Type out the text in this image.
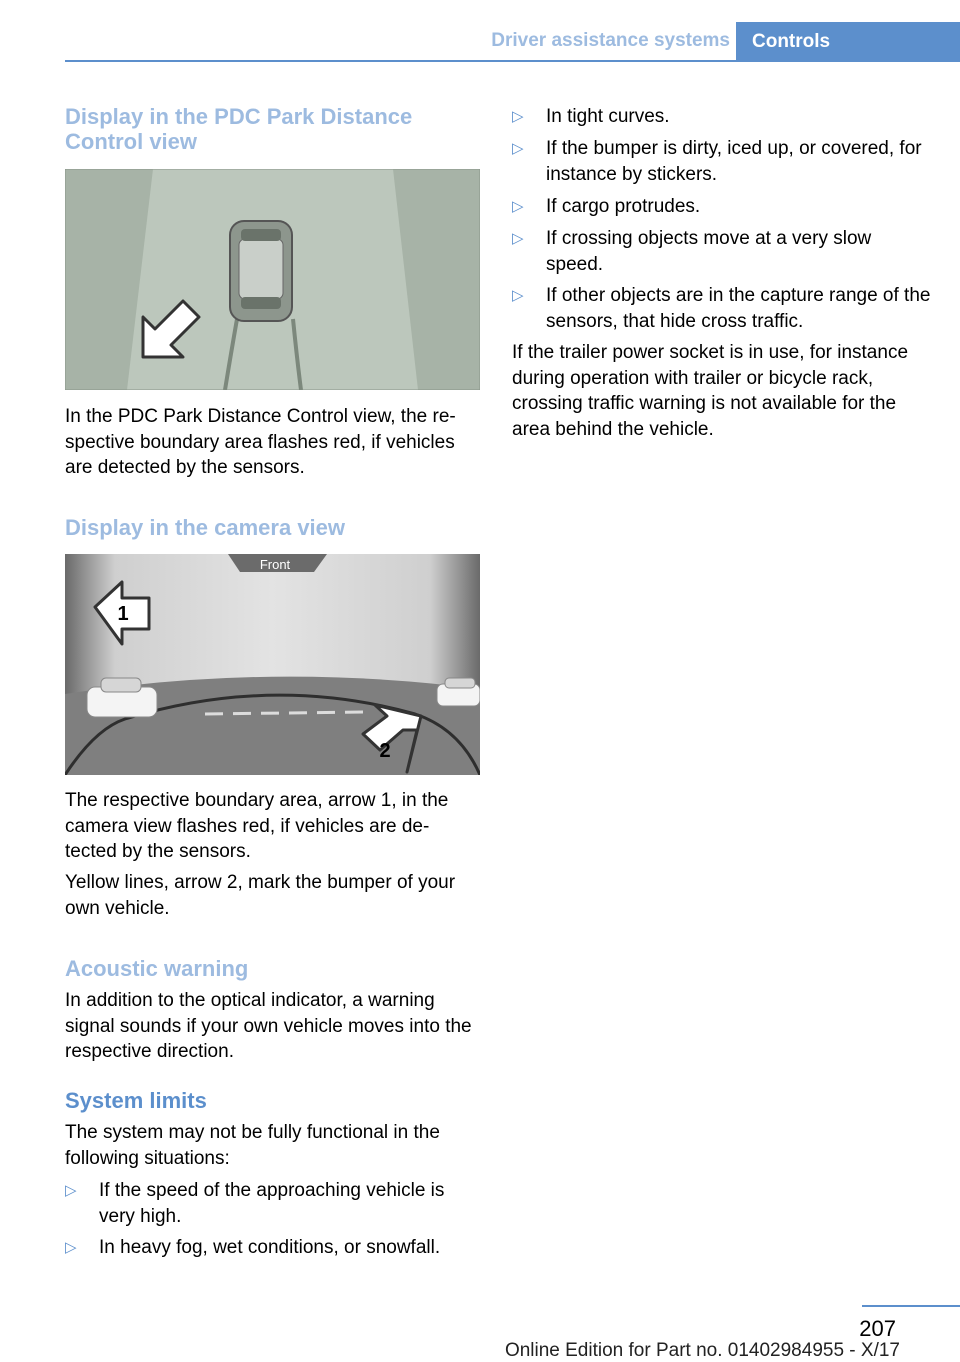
Driver assistance systems	Controls
Display in the PDC Park Distance Control view

In the PDC Park Distance Control view, the re-spective boundary area flashes red, if vehicles are detected by the sensors.

Display in the camera view
Front
1
2

The respective boundary area, arrow 1, in the camera view flashes red, if vehicles are de-tected by the sensors.

Yellow lines, arrow 2, mark the bumper of your own vehicle.

Acoustic warning

In addition to the optical indicator, a warning signal sounds if your own vehicle moves into the respective direction.

System limits

The system may not be fully functional in the following situations:

▷ If the speed of the approaching vehicle is very high.
▷ In heavy fog, wet conditions, or snowfall.
▷ In tight curves.
▷ If the bumper is dirty, iced up, or covered, for instance by stickers.
▷ If cargo protrudes.
▷ If crossing objects move at a very slow speed.
▷ If other objects are in the capture range of the sensors, that hide cross traffic.

If the trailer power socket is in use, for instance during operation with trailer or bicycle rack, crossing traffic warning is not available for the area behind the vehicle.

207
Online Edition for Part no. 01402984955 - X/17
